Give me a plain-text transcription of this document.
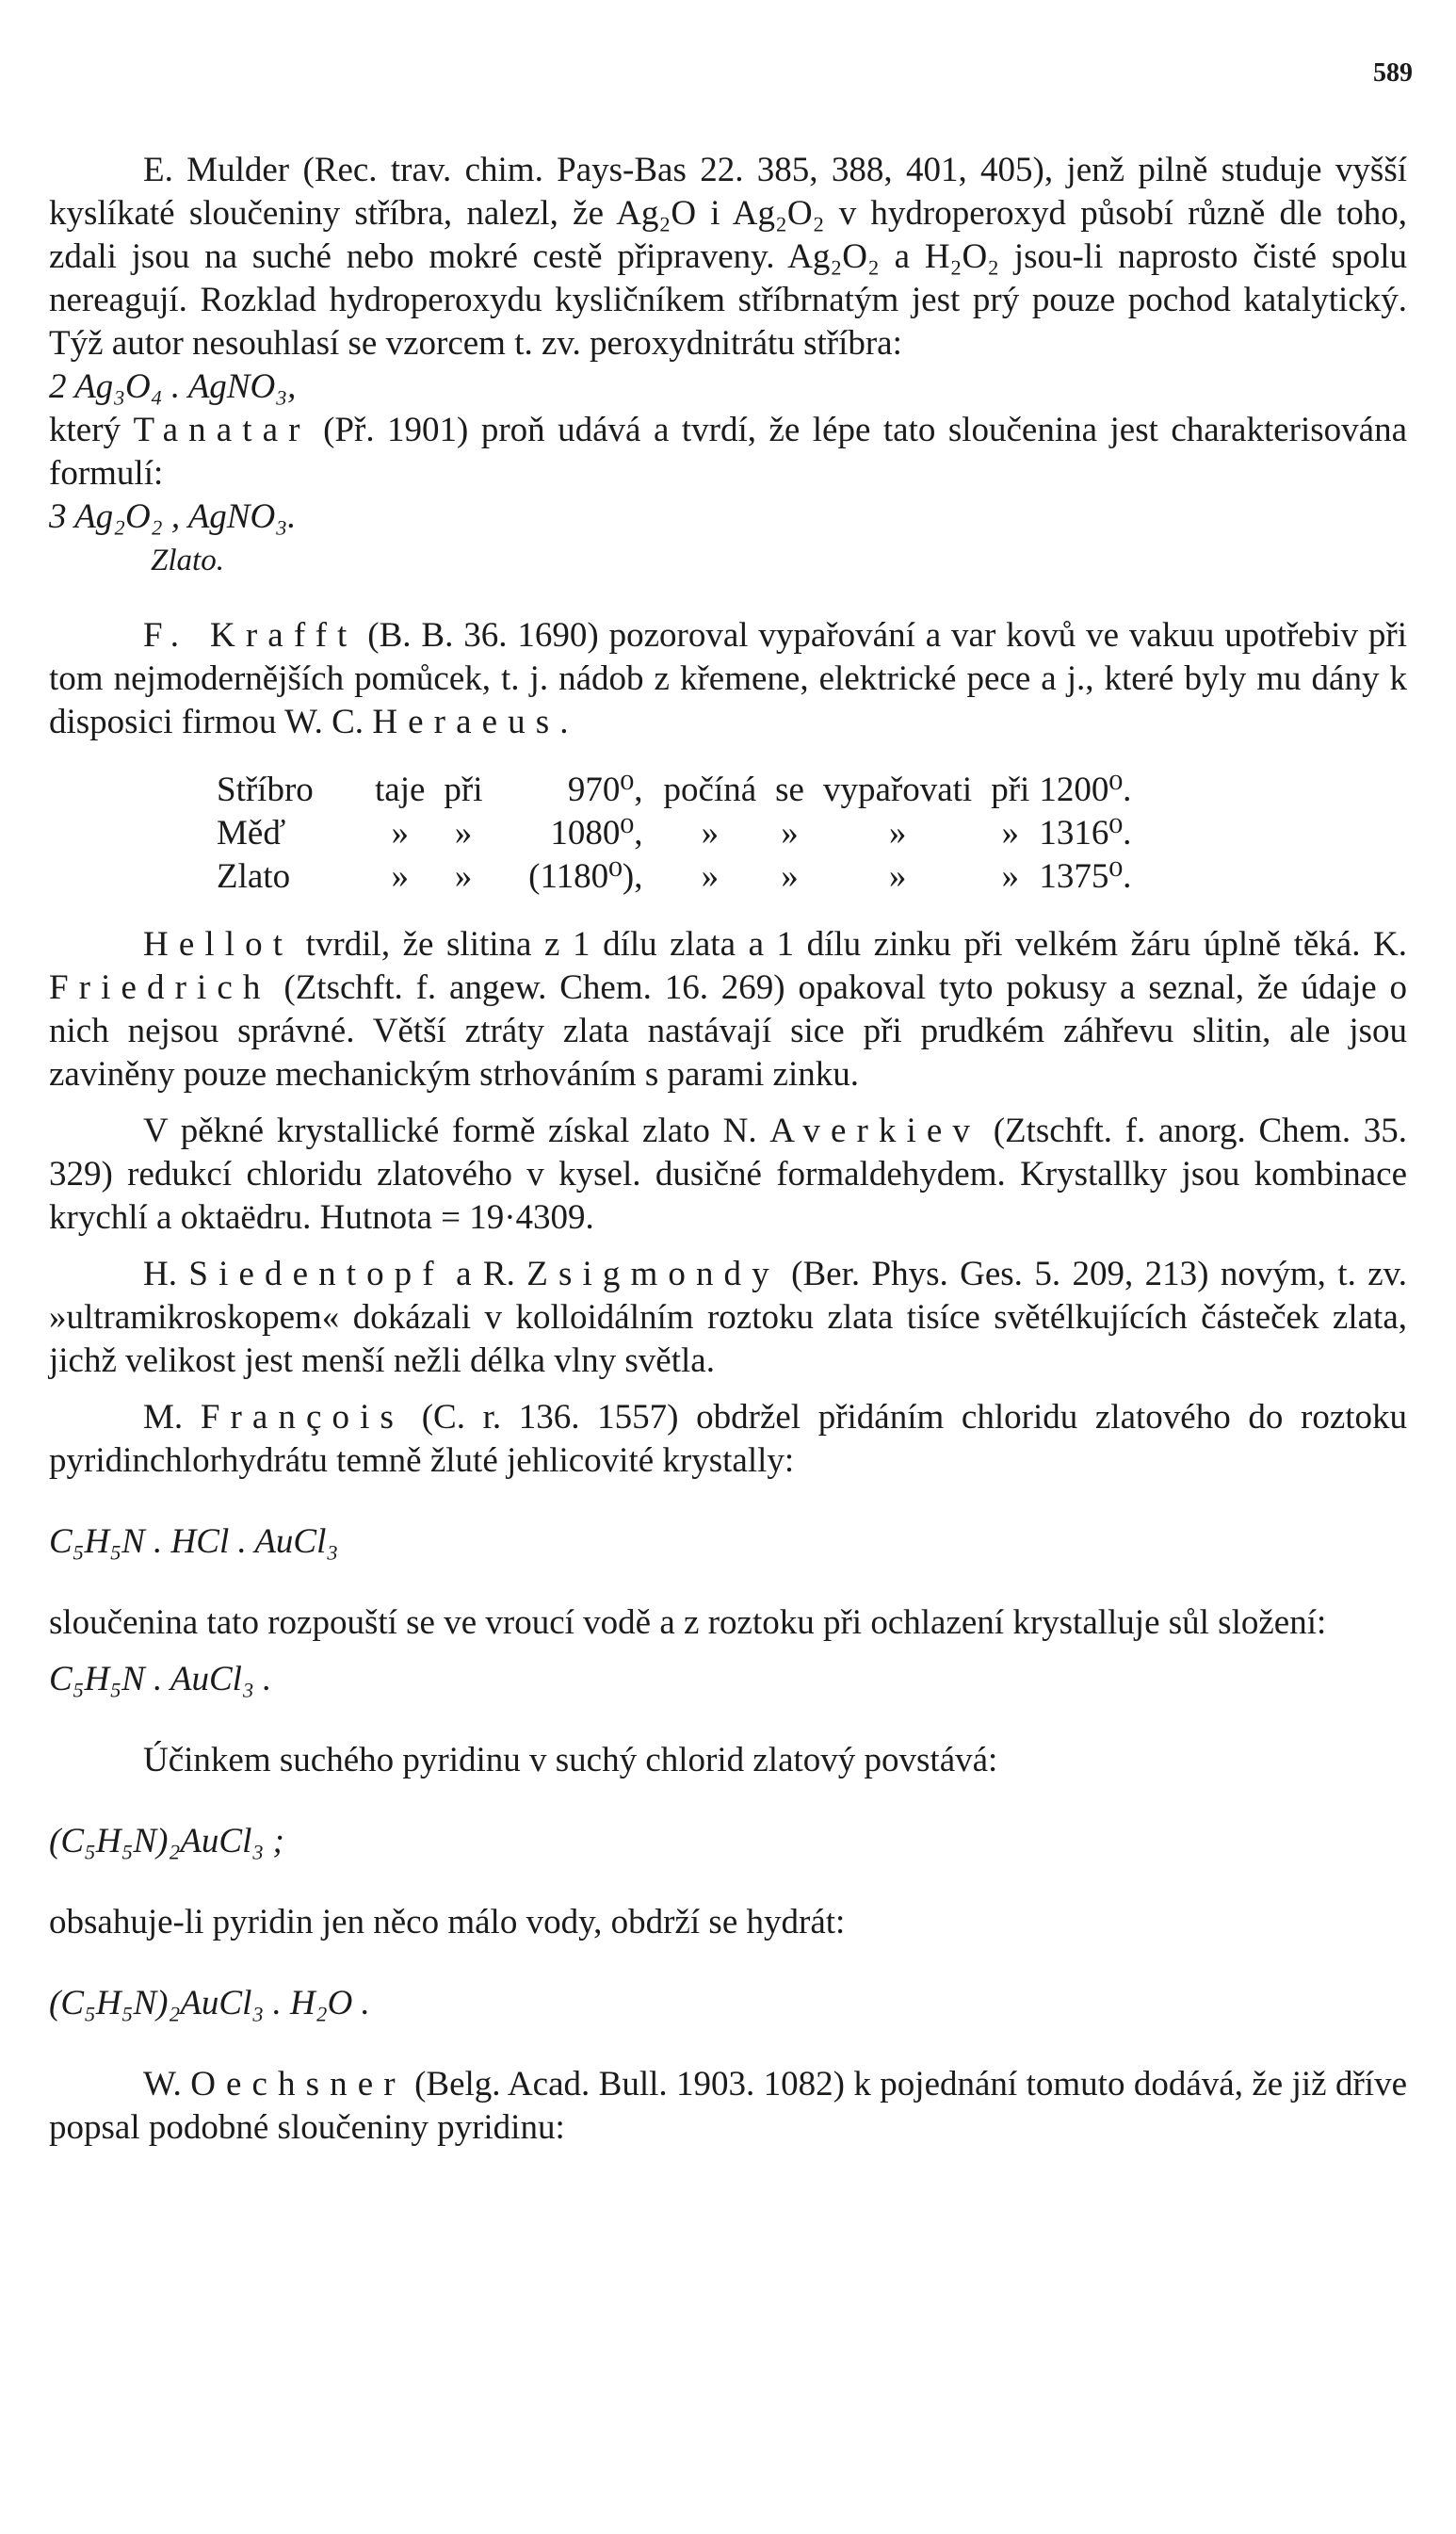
589

E. Mulder (Rec. trav. chim. Pays-Bas 22. 385, 388, 401, 405), jenž pilně studuje vyšší kyslíkaté sloučeniny stříbra, nalezl, že Ag₂O i Ag₂O₂ v hydroperoxyd působí různě dle toho, zdali jsou na suché nebo mokré cestě připraveny. Ag₂O₂ a H₂O₂ jsou-li naprosto čisté spolu nereagují. Rozklad hydroperoxydu kysličníkem stříbrnatým jest prý pouze pochod katalytický. Týž autor nesouhlasí se vzorcem t. zv. peroxydnitrátu stříbra:

2 Ag₃O₄ . AgNO₃,

který Tanatar (Př. 1901) proň udává a tvrdí, že lépe tato sloučenina jest charakterisována formulí:

3 Ag₂O₂ , AgNO₃.

Zlato.

F. Krafft (B. B. 36. 1690) pozoroval vypařování a var kovů ve vakuu upotřebiv při tom nejmodernějších pomůcek, t. j. nádob z křemene, elektrické pece a j., které byly mu dány k disposici firmou W. C. Heraeus.

Stříbro	taje	při	970⁰,	počíná	se	vypařovati	při	1200⁰.
Měď	»	»	1080⁰,	»	»	»	»	1316⁰.
Zlato	»	»	(1180⁰),	»	»	»	»	1375⁰.

Hellot tvrdil, že slitina z 1 dílu zlata a 1 dílu zinku při velkém žáru úplně těká. K. Friedrich (Ztschft. f. angew. Chem. 16. 269) opakoval tyto pokusy a seznal, že údaje o nich nejsou správné. Větší ztráty zlata nastávají sice při prudkém záhřevu slitin, ale jsou zaviněny pouze mechanickým strhováním s parami zinku.

V pěkné krystallické formě získal zlato N. Averkiev (Ztschft. f. anorg. Chem. 35. 329) redukcí chloridu zlatového v kysel. dusičné formaldehydem. Krystallky jsou kombinace krychlí a oktaëdru. Hutnota = 19·4309.

H. Siedentopf a R. Zsigmondy (Ber. Phys. Ges. 5. 209, 213) novým, t. zv. »ultramikroskopem« dokázali v kolloidálním roztoku zlata tisíce světélkujících částeček zlata, jichž velikost jest menší nežli délka vlny světla.

M. François (C. r. 136. 1557) obdržel přidáním chloridu zlatového do roztoku pyridinchlorhydrátu temně žluté jehlicovité krystally:

C₅H₅N . HCl . AuCl₃

sloučenina tato rozpouští se ve vroucí vodě a z roztoku při ochlazení krystalluje sůl složení:

C₅H₅N . AuCl₃ .

Účinkem suchého pyridinu v suchý chlorid zlatový povstává:

(C₅H₅N)₂AuCl₃ ;

obsahuje-li pyridin jen něco málo vody, obdrží se hydrát:

(C₅H₅N)₂AuCl₃ . H₂O .

W. Oechsner (Belg. Acad. Bull. 1903. 1082) k pojednání tomuto dodává, že již dříve popsal podobné sloučeniny pyridinu:
